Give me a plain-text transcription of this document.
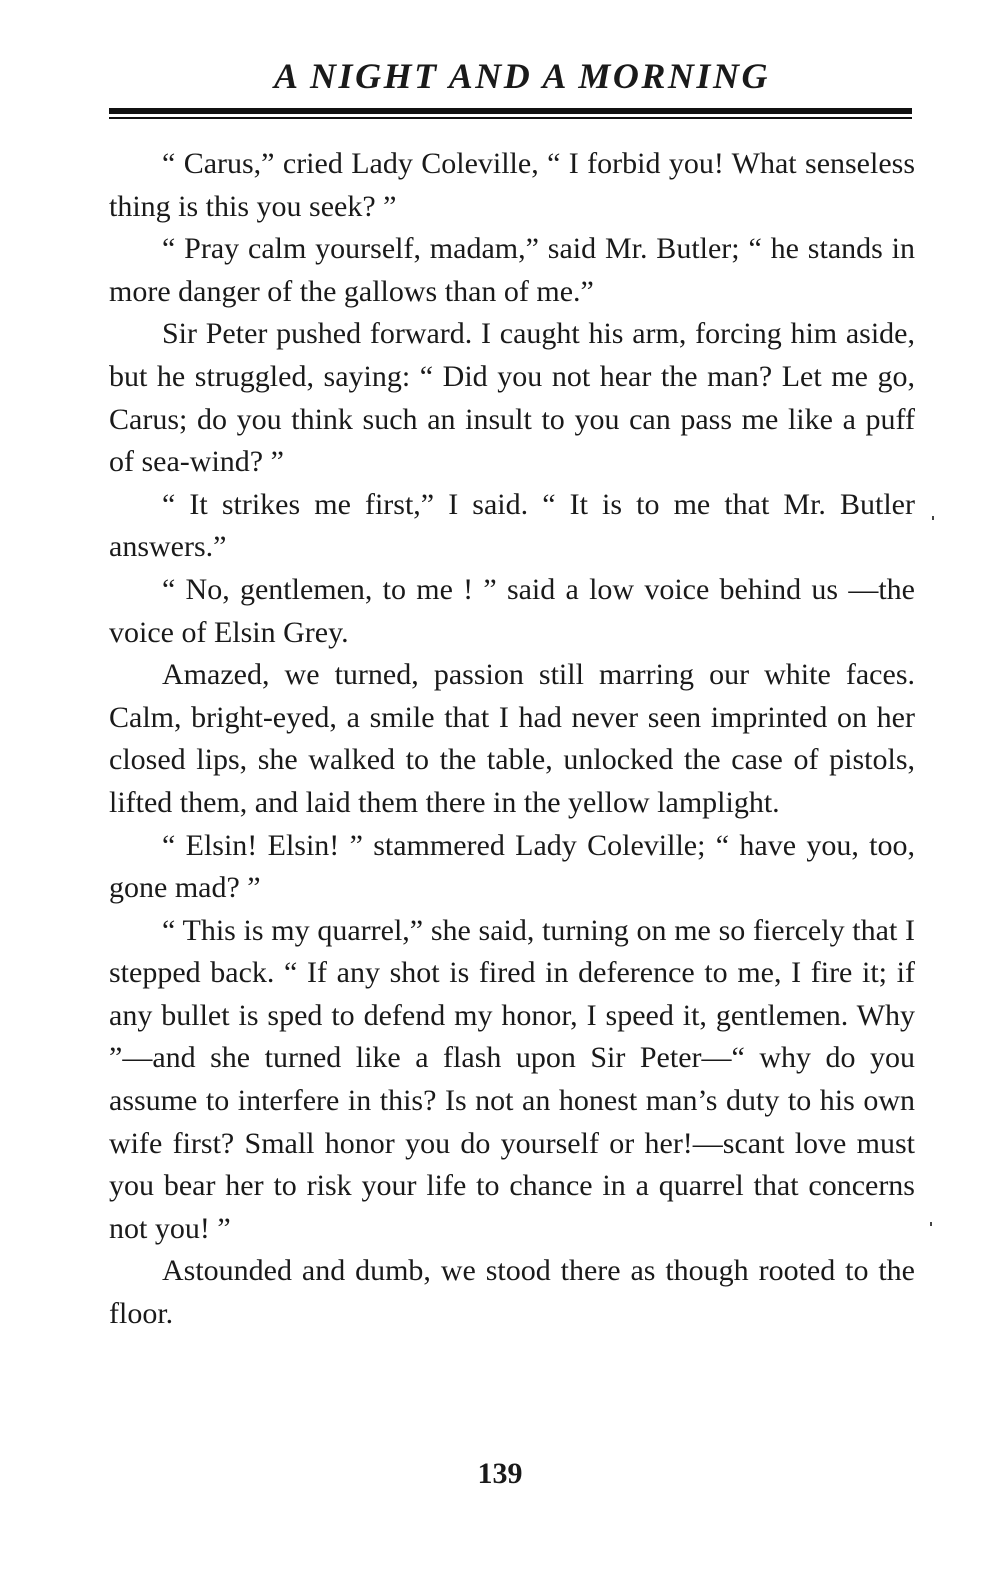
A NIGHT AND A MORNING

“ Carus,” cried Lady Coleville, “ I forbid you! What senseless thing is this you seek? ”

“ Pray calm yourself, madam,” said Mr. Butler; “ he stands in more danger of the gallows than of me.”

Sir Peter pushed forward. I caught his arm, forcing him aside, but he struggled, saying: “ Did you not hear the man? Let me go, Carus; do you think such an insult to you can pass me like a puff of sea-wind? ”

“ It strikes me first,” I said. “ It is to me that Mr. Butler answers.”

“ No, gentlemen, to me ! ” said a low voice behind us —the voice of Elsin Grey.

Amazed, we turned, passion still marring our white faces. Calm, bright-eyed, a smile that I had never seen imprinted on her closed lips, she walked to the table, unlocked the case of pistols, lifted them, and laid them there in the yellow lamplight.

“ Elsin! Elsin! ” stammered Lady Coleville; “ have you, too, gone mad? ”

“ This is my quarrel,” she said, turning on me so fiercely that I stepped back. “ If any shot is fired in deference to me, I fire it; if any bullet is sped to defend my honor, I speed it, gentlemen. Why ”—and she turned like a flash upon Sir Peter—“ why do you assume to interfere in this? Is not an honest man’s duty to his own wife first? Small honor you do yourself or her!—scant love must you bear her to risk your life to chance in a quarrel that concerns not you! ”

Astounded and dumb, we stood there as though rooted to the floor.

139
